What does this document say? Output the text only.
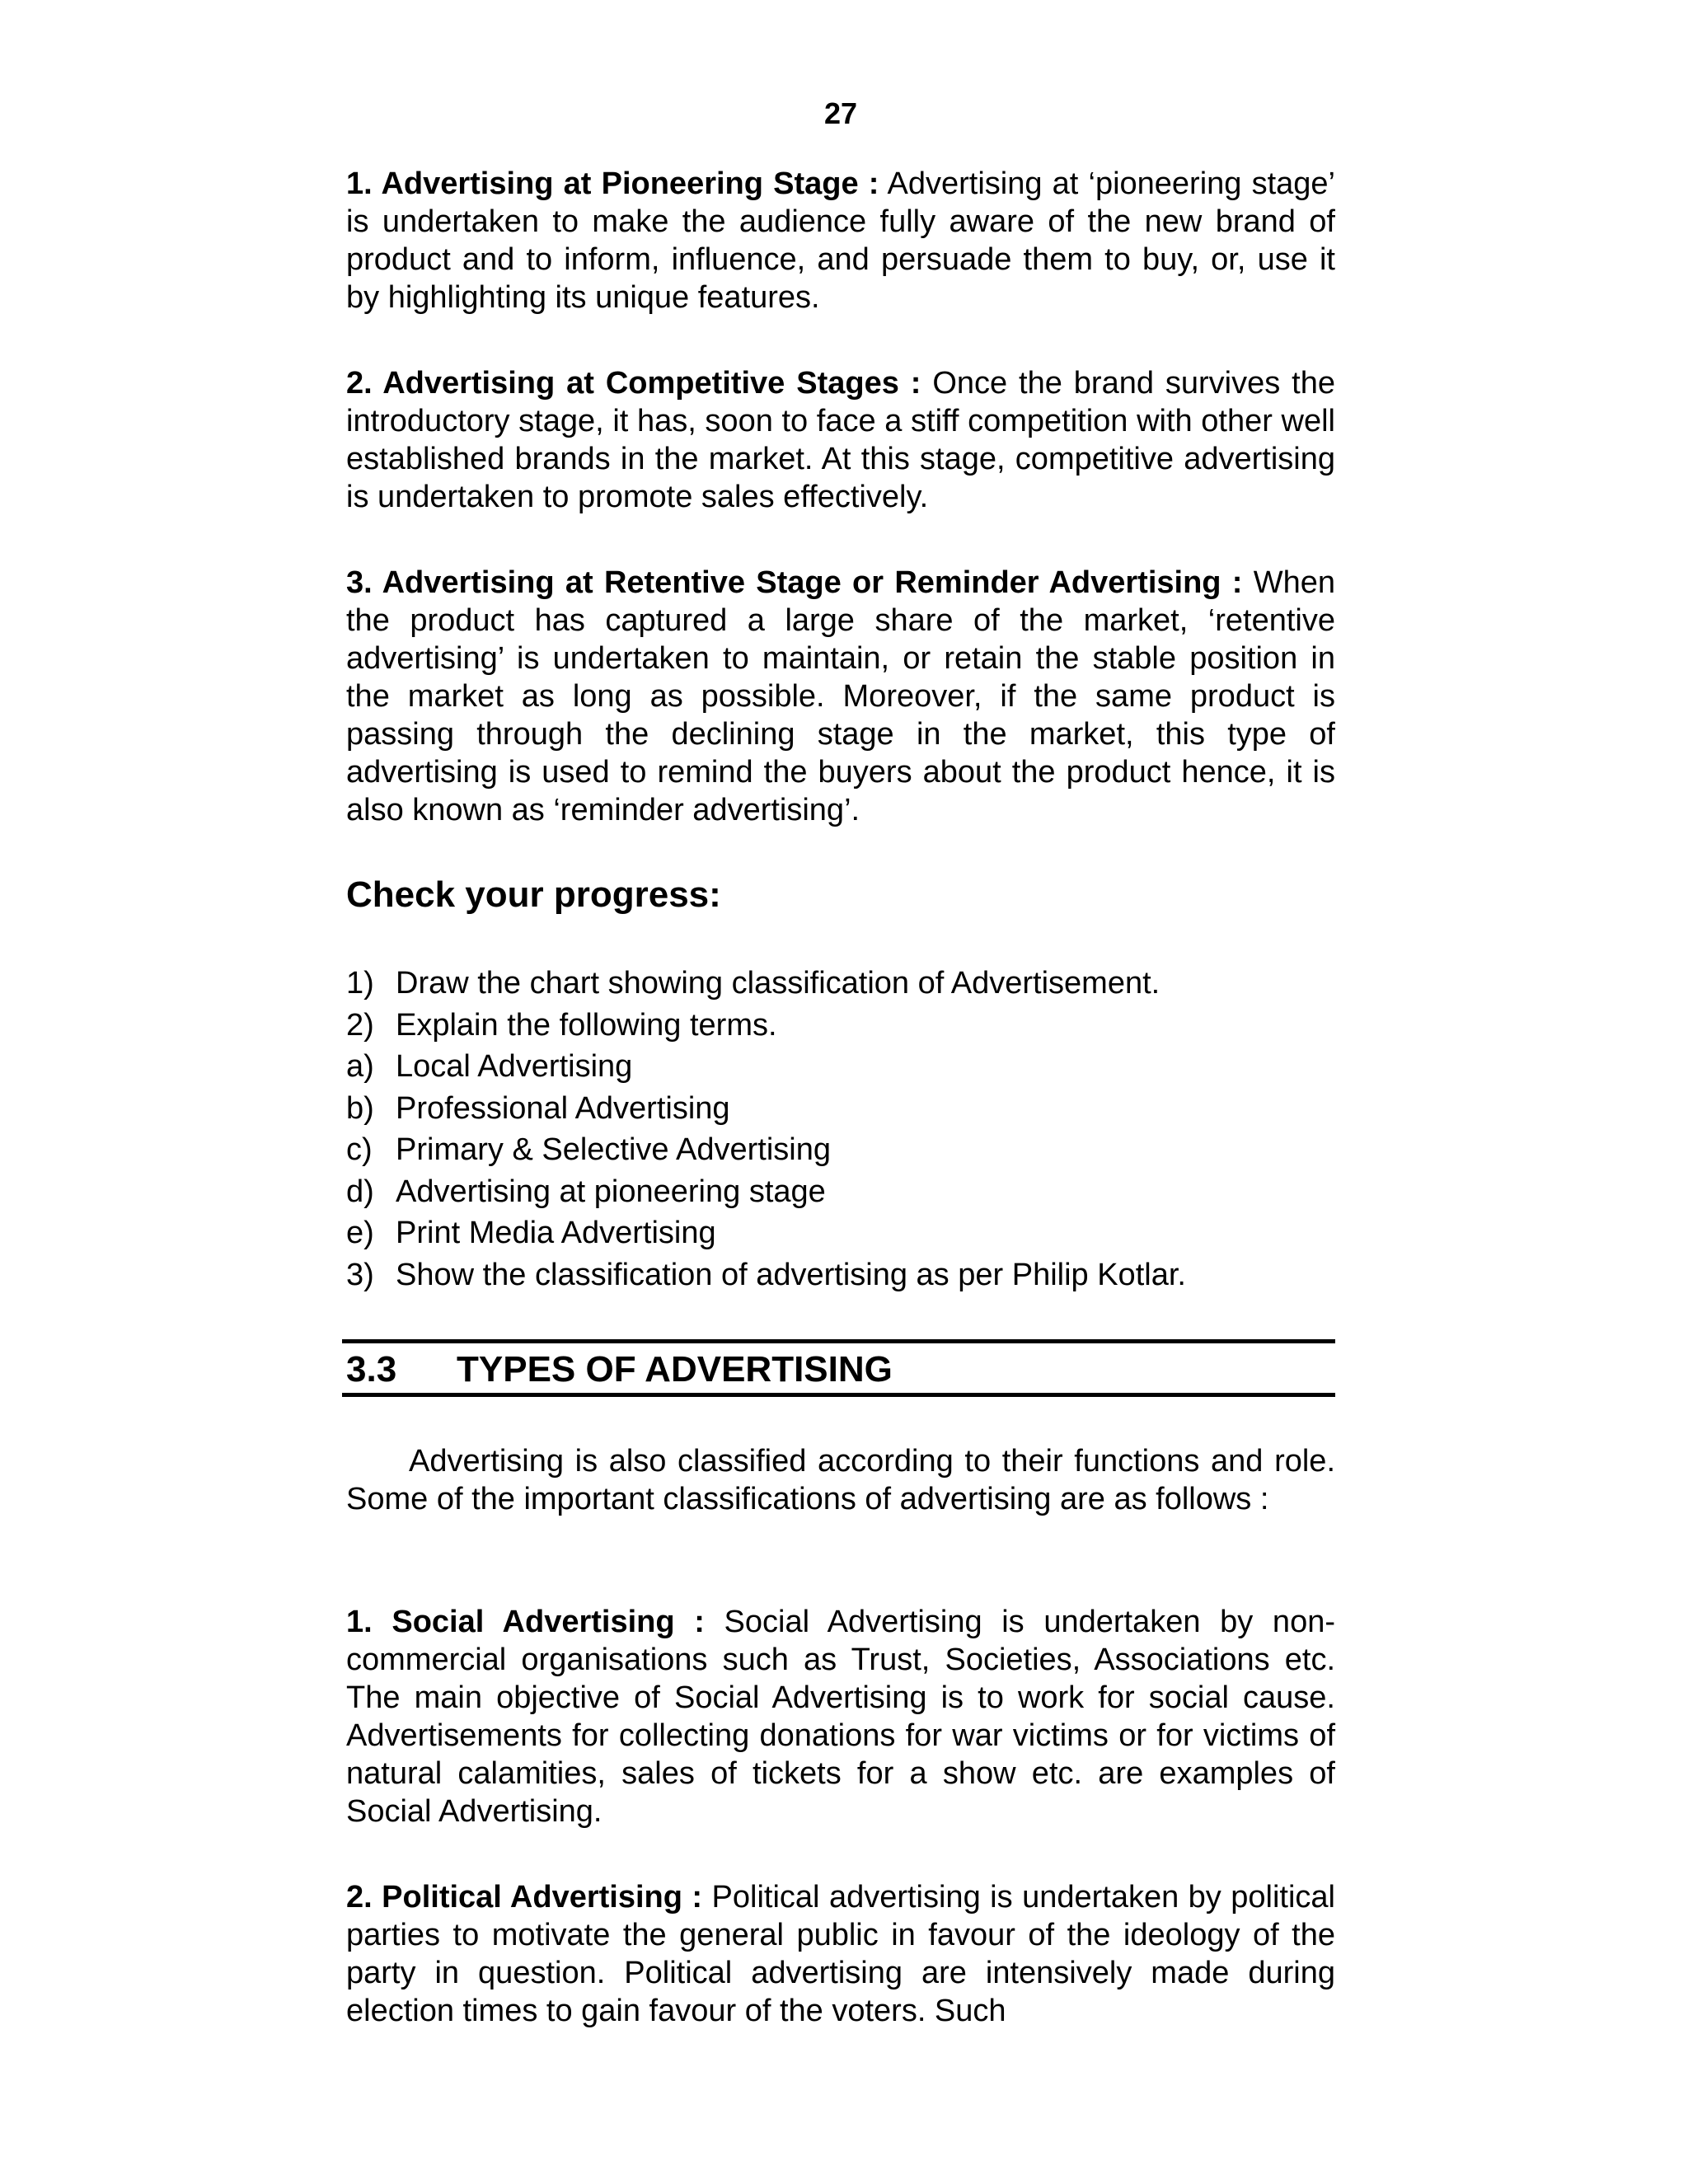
27

1. Advertising at Pioneering Stage : Advertising at ‘pioneering stage’ is undertaken to make the audience fully aware of the new brand of product and to inform, influence, and persuade them to buy, or, use it by highlighting its unique features.

2. Advertising at Competitive Stages : Once the brand survives the introductory stage, it has, soon to face a stiff competition with other well established brands in the market. At this stage, competitive advertising is undertaken to promote sales effectively.

3. Advertising at Retentive Stage or Reminder Advertising : When the product has captured a large share of the market, ‘retentive advertising’ is undertaken to maintain, or retain the stable position in the market as long as possible. Moreover, if the same product is passing through the declining stage in the market, this type of advertising is used to remind the buyers about the product hence, it is also known as ‘reminder advertising’.

Check your progress:
1) Draw the chart showing classification of Advertisement.
2) Explain the following terms.
a) Local Advertising
b) Professional Advertising
c) Primary & Selective Advertising
d) Advertising at pioneering stage
e) Print Media Advertising
3) Show the classification of advertising as per Philip Kotlar.
3.3 TYPES OF ADVERTISING

Advertising is also classified according to their functions and role. Some of the important classifications of advertising are as follows :

1. Social Advertising : Social Advertising is undertaken by non-commercial organisations such as Trust, Societies, Associations etc. The main objective of Social Advertising is to work for social cause. Advertisements for collecting donations for war victims or for victims of natural calamities, sales of tickets for a show etc. are examples of Social Advertising.

2. Political Advertising : Political advertising is undertaken by political parties to motivate the general public in favour of the ideology of the party in question. Political advertising are intensively made during election times to gain favour of the voters. Such
